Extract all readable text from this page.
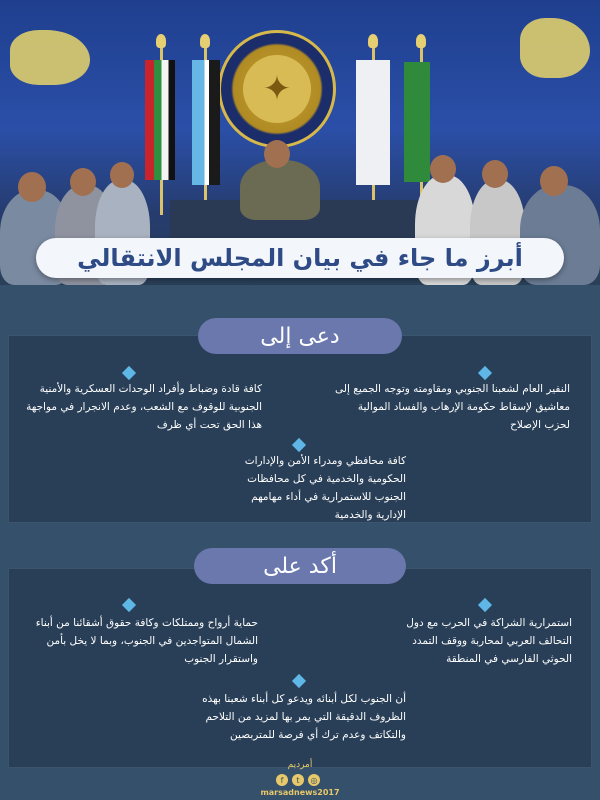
✦
أبرز ما جاء في بيان المجلس الانتقالي
دعى إلى
النفير العام لشعبنا الجنوبي ومقاومته وتوجه الجميع إلى معاشيق لإسقاط حكومة الإرهاب والفساد الموالية لحزب الإصلاح
كافة قادة وضباط وأفراد الوحدات العسكرية والأمنية الجنوبية للوقوف مع الشعب، وعدم الانجرار في مواجهة هذا الحق تحت أي ظرف
كافة محافظي ومدراء الأمن والإدارات الحكومية والخدمية في كل محافظات الجنوب للاستمرارية في أداء مهامهم الإدارية والخدمية
أكد على
استمرارية الشراكة في الحرب مع دول التحالف العربي لمحاربة ووقف التمدد الحوثي الفارسي في المنطقة
حماية أرواح وممتلكات وكافة حقوق أشقائنا من أبناء الشمال المتواجدين في الجنوب، وبما لا يخل بأمن واستقرار الجنوب
أن الجنوب لكل أبنائه ويدعو كل أبناء شعبنا بهذه الظروف الدقيقة التي يمر بها لمزيد من التلاحم والتكاتف وعدم ترك أي فرصة للمتربصين
أمرديم
f	t	◎
marsadnews2017
